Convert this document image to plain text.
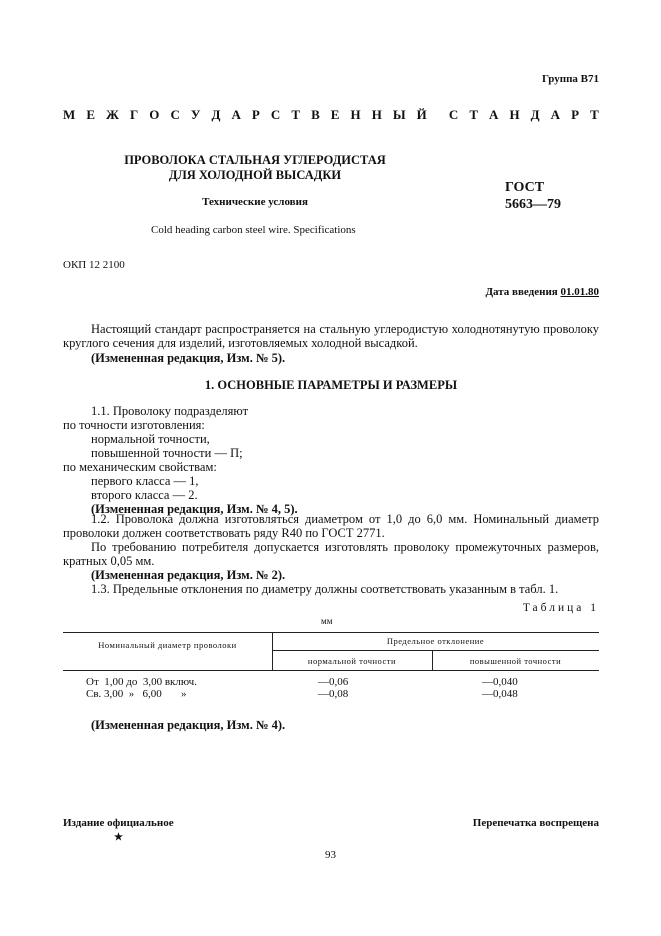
Группа В71
М Е Ж Г О С У Д А Р С Т В Е Н Н Ы Й С Т А Н Д А Р Т
ПРОВОЛОКА СТАЛЬНАЯ УГЛЕРОДИСТАЯ
ДЛЯ ХОЛОДНОЙ ВЫСАДКИ
Технические условия
ГОСТ
5663—79
Cold heading carbon steel wire. Specifications
ОКП 12 2100
Дата введения 01.01.80
Настоящий стандарт распространяется на стальную углеродистую холоднотянутую проволоку круглого сечения для изделий, изготовляемых холодной высадкой.
(Измененная редакция, Изм. № 5).
1. ОСНОВНЫЕ ПАРАМЕТРЫ И РАЗМЕРЫ
1.1. Проволоку подразделяют
по точности изготовления:
нормальной точности,
повышенной точности — П;
по механическим свойствам:
первого класса — 1,
второго класса — 2.
(Измененная редакция, Изм. № 4, 5).
1.2. Проволока должна изготовляться диаметром от 1,0 до 6,0 мм. Номинальный диаметр проволоки должен соответствовать ряду R40 по ГОСТ 2771.
По требованию потребителя допускается изготовлять проволоку промежуточных размеров, кратных 0,05 мм.
(Измененная редакция, Изм. № 2).
1.3. Предельные отклонения по диаметру должны соответствовать указанным в табл. 1.
Таблица 1
мм
Номинальный диаметр проволоки	Предельное отклонение
нормальной точности	повышенной точности
От  1,00 до  3,00 включ.	—0,06	—0,040
Св. 3,00  »   6,00       »	—0,08	—0,048
(Измененная редакция, Изм. № 4).
Издание официальное
★
Перепечатка воспрещена
93
